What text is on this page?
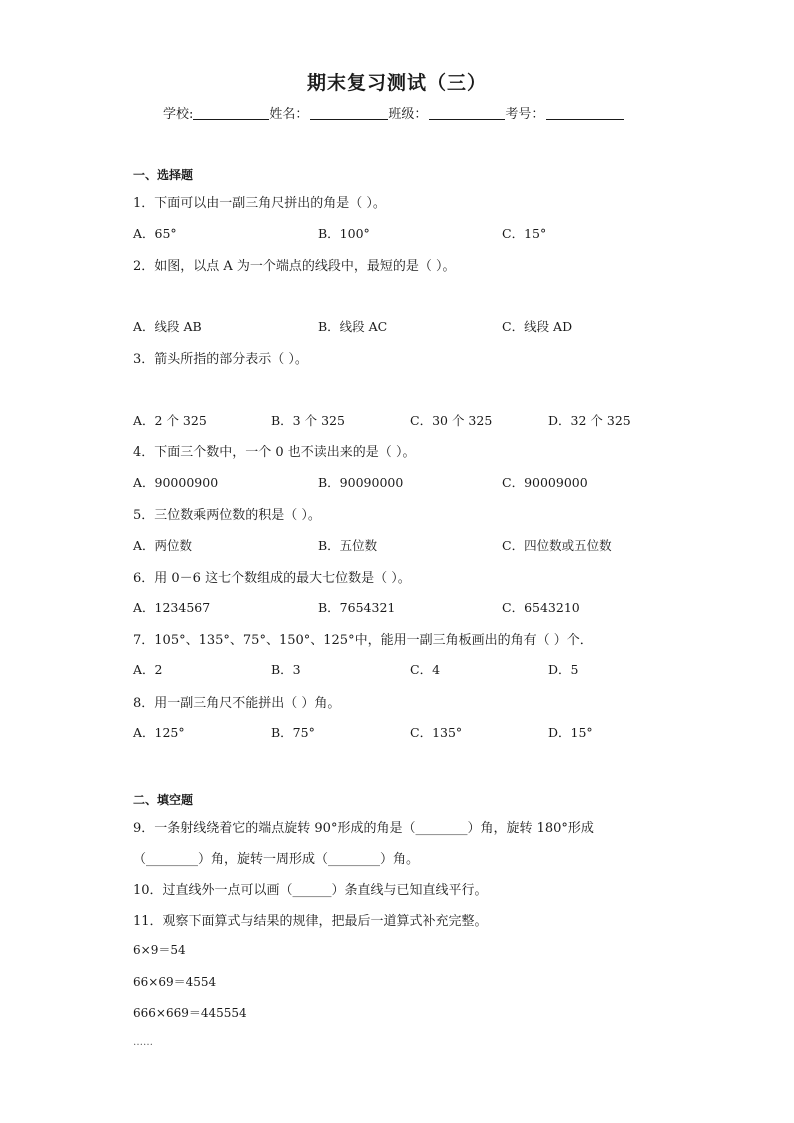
期末复习测试（三）
学校:	姓名：	班级：	考号：
一、选择题
1．下面可以由一副三角尺拼出的角是（ ）。
A．65°	B．100°	C．15°
2．如图，以点 A 为一个端点的线段中，最短的是（ ）。
A．线段 AB	B．线段 AC	C．线段 AD
3．箭头所指的部分表示（ ）。
A．2 个 325	B．3 个 325	C．30 个 325	D．32 个 325
4．下面三个数中，一个 0 也不读出来的是（ ）。
A．90000900	B．90090000	C．90009000
5．三位数乘两位数的积是（ ）。
A．两位数	B．五位数	C．四位数或五位数
6．用 0－6 这七个数组成的最大七位数是（ ）。
A．1234567	B．7654321	C．6543210
7．105°、135°、75°、150°、125°中，能用一副三角板画出的角有（ ）个．
A．2	B．3	C．4	D．5
8．用一副三角尺不能拼出（ ）角。
A．125°	B．75°	C．135°	D．15°
二、填空题
9．一条射线绕着它的端点旋转 90°形成的角是（________）角，旋转 180°形成
（________）角，旋转一周形成（________）角。
10．过直线外一点可以画（______）条直线与已知直线平行。
11．观察下面算式与结果的规律，把最后一道算式补充完整。
6×9＝54
66×69＝4554
666×669＝445554
……
